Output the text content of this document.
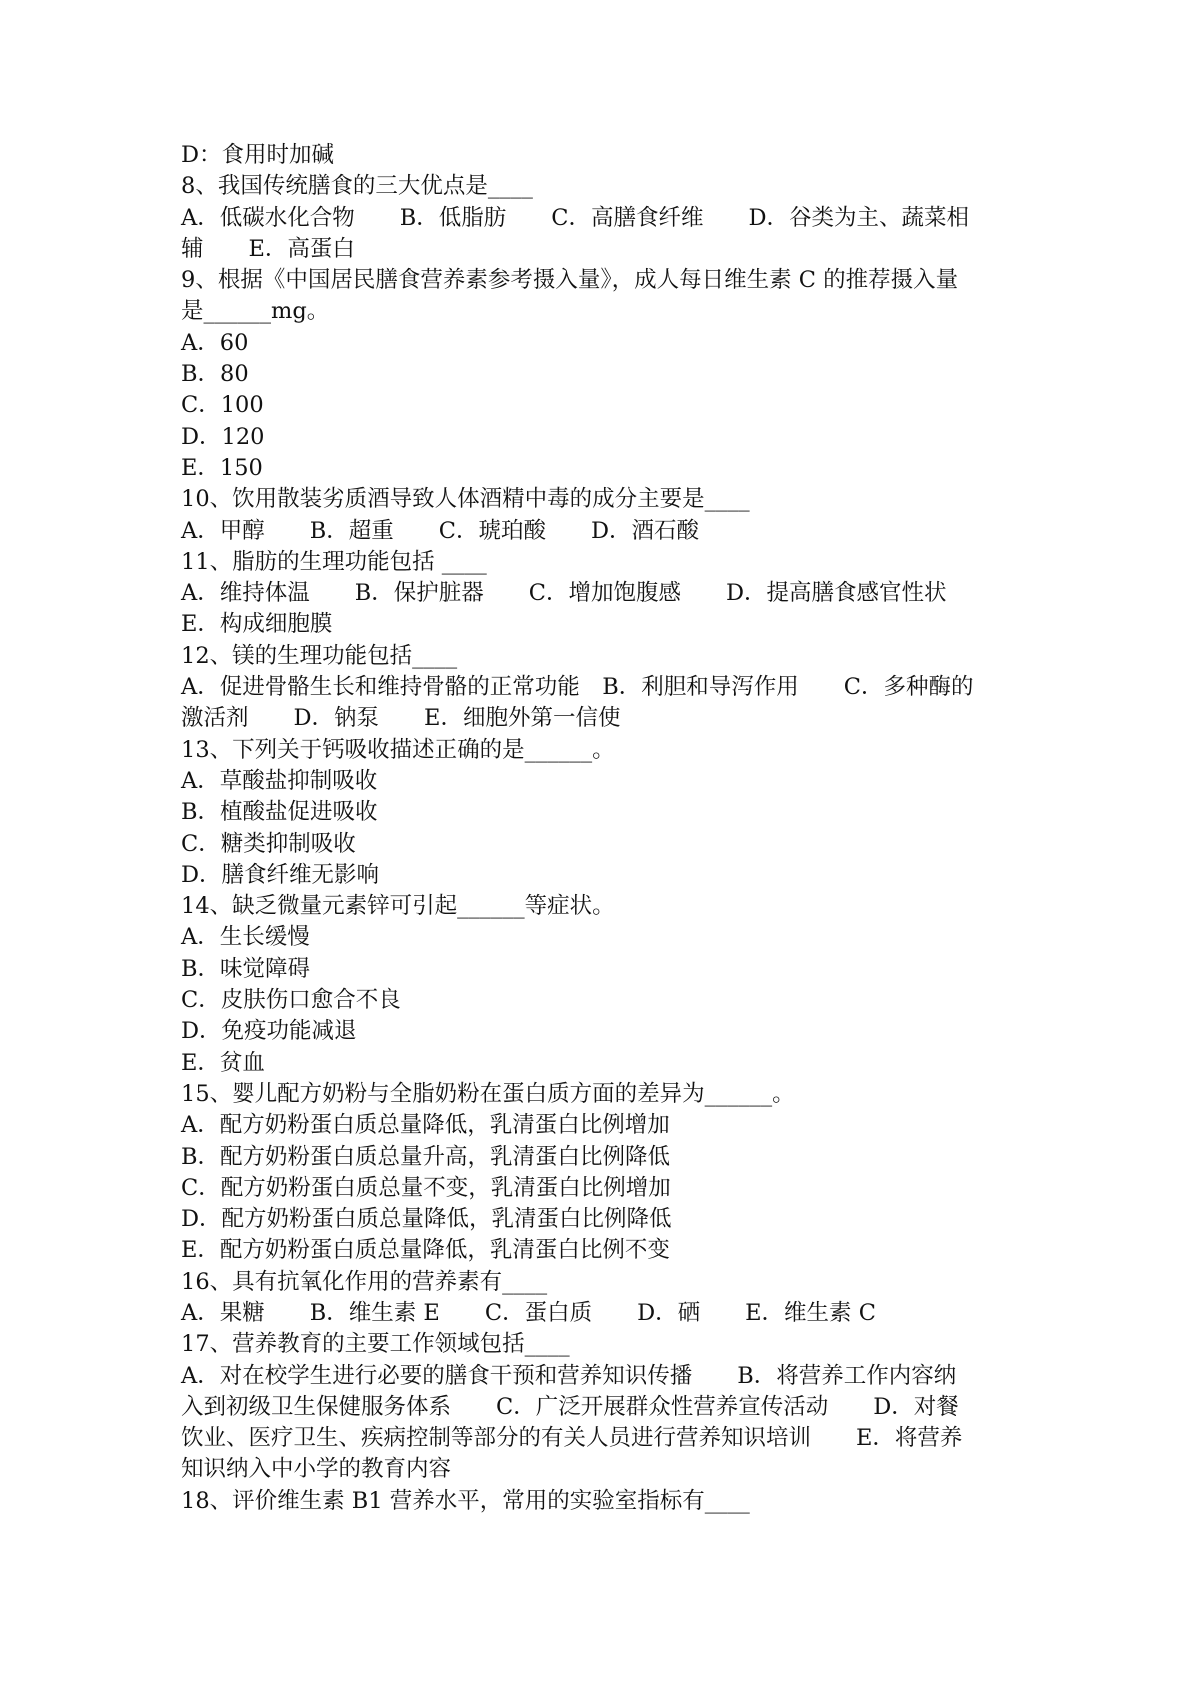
D：食用时加碱
8、我国传统膳食的三大优点是____
A．低碳水化合物　　B．低脂肪　　C．高膳食纤维　　D．谷类为主、蔬菜相
辅　　E．高蛋白
9、根据《中国居民膳食营养素参考摄入量》，成人每日维生素 C 的推荐摄入量
是______mg。
A．60
B．80
C．100
D．120
E．150
10、饮用散装劣质酒导致人体酒精中毒的成分主要是____
A．甲醇　　B．超重　　C．琥珀酸　　D．酒石酸
11、脂肪的生理功能包括 ____
A．维持体温　　B．保护脏器　　C．增加饱腹感　　D．提高膳食感官性状
E．构成细胞膜
12、镁的生理功能包括____
A．促进骨骼生长和维持骨骼的正常功能　B．利胆和导泻作用　　C．多种酶的
激活剂　　D．钠泵　　E．细胞外第一信使
13、下列关于钙吸收描述正确的是______。
A．草酸盐抑制吸收
B．植酸盐促进吸收
C．糖类抑制吸收
D．膳食纤维无影响
14、缺乏微量元素锌可引起______等症状。
A．生长缓慢
B．味觉障碍
C．皮肤伤口愈合不良
D．免疫功能减退
E．贫血
15、婴儿配方奶粉与全脂奶粉在蛋白质方面的差异为______。
A．配方奶粉蛋白质总量降低，乳清蛋白比例增加
B．配方奶粉蛋白质总量升高，乳清蛋白比例降低
C．配方奶粉蛋白质总量不变，乳清蛋白比例增加
D．配方奶粉蛋白质总量降低，乳清蛋白比例降低
E．配方奶粉蛋白质总量降低，乳清蛋白比例不变
16、具有抗氧化作用的营养素有____
A．果糖　　B．维生素 E　　C．蛋白质　　D．硒　　E．维生素 C
17、营养教育的主要工作领域包括____
A．对在校学生进行必要的膳食干预和营养知识传播　　B．将营养工作内容纳
入到初级卫生保健服务体系　　C．广泛开展群众性营养宣传活动　　D．对餐
饮业、医疗卫生、疾病控制等部分的有关人员进行营养知识培训　　E．将营养
知识纳入中小学的教育内容
18、评价维生素 B1 营养水平，常用的实验室指标有____
